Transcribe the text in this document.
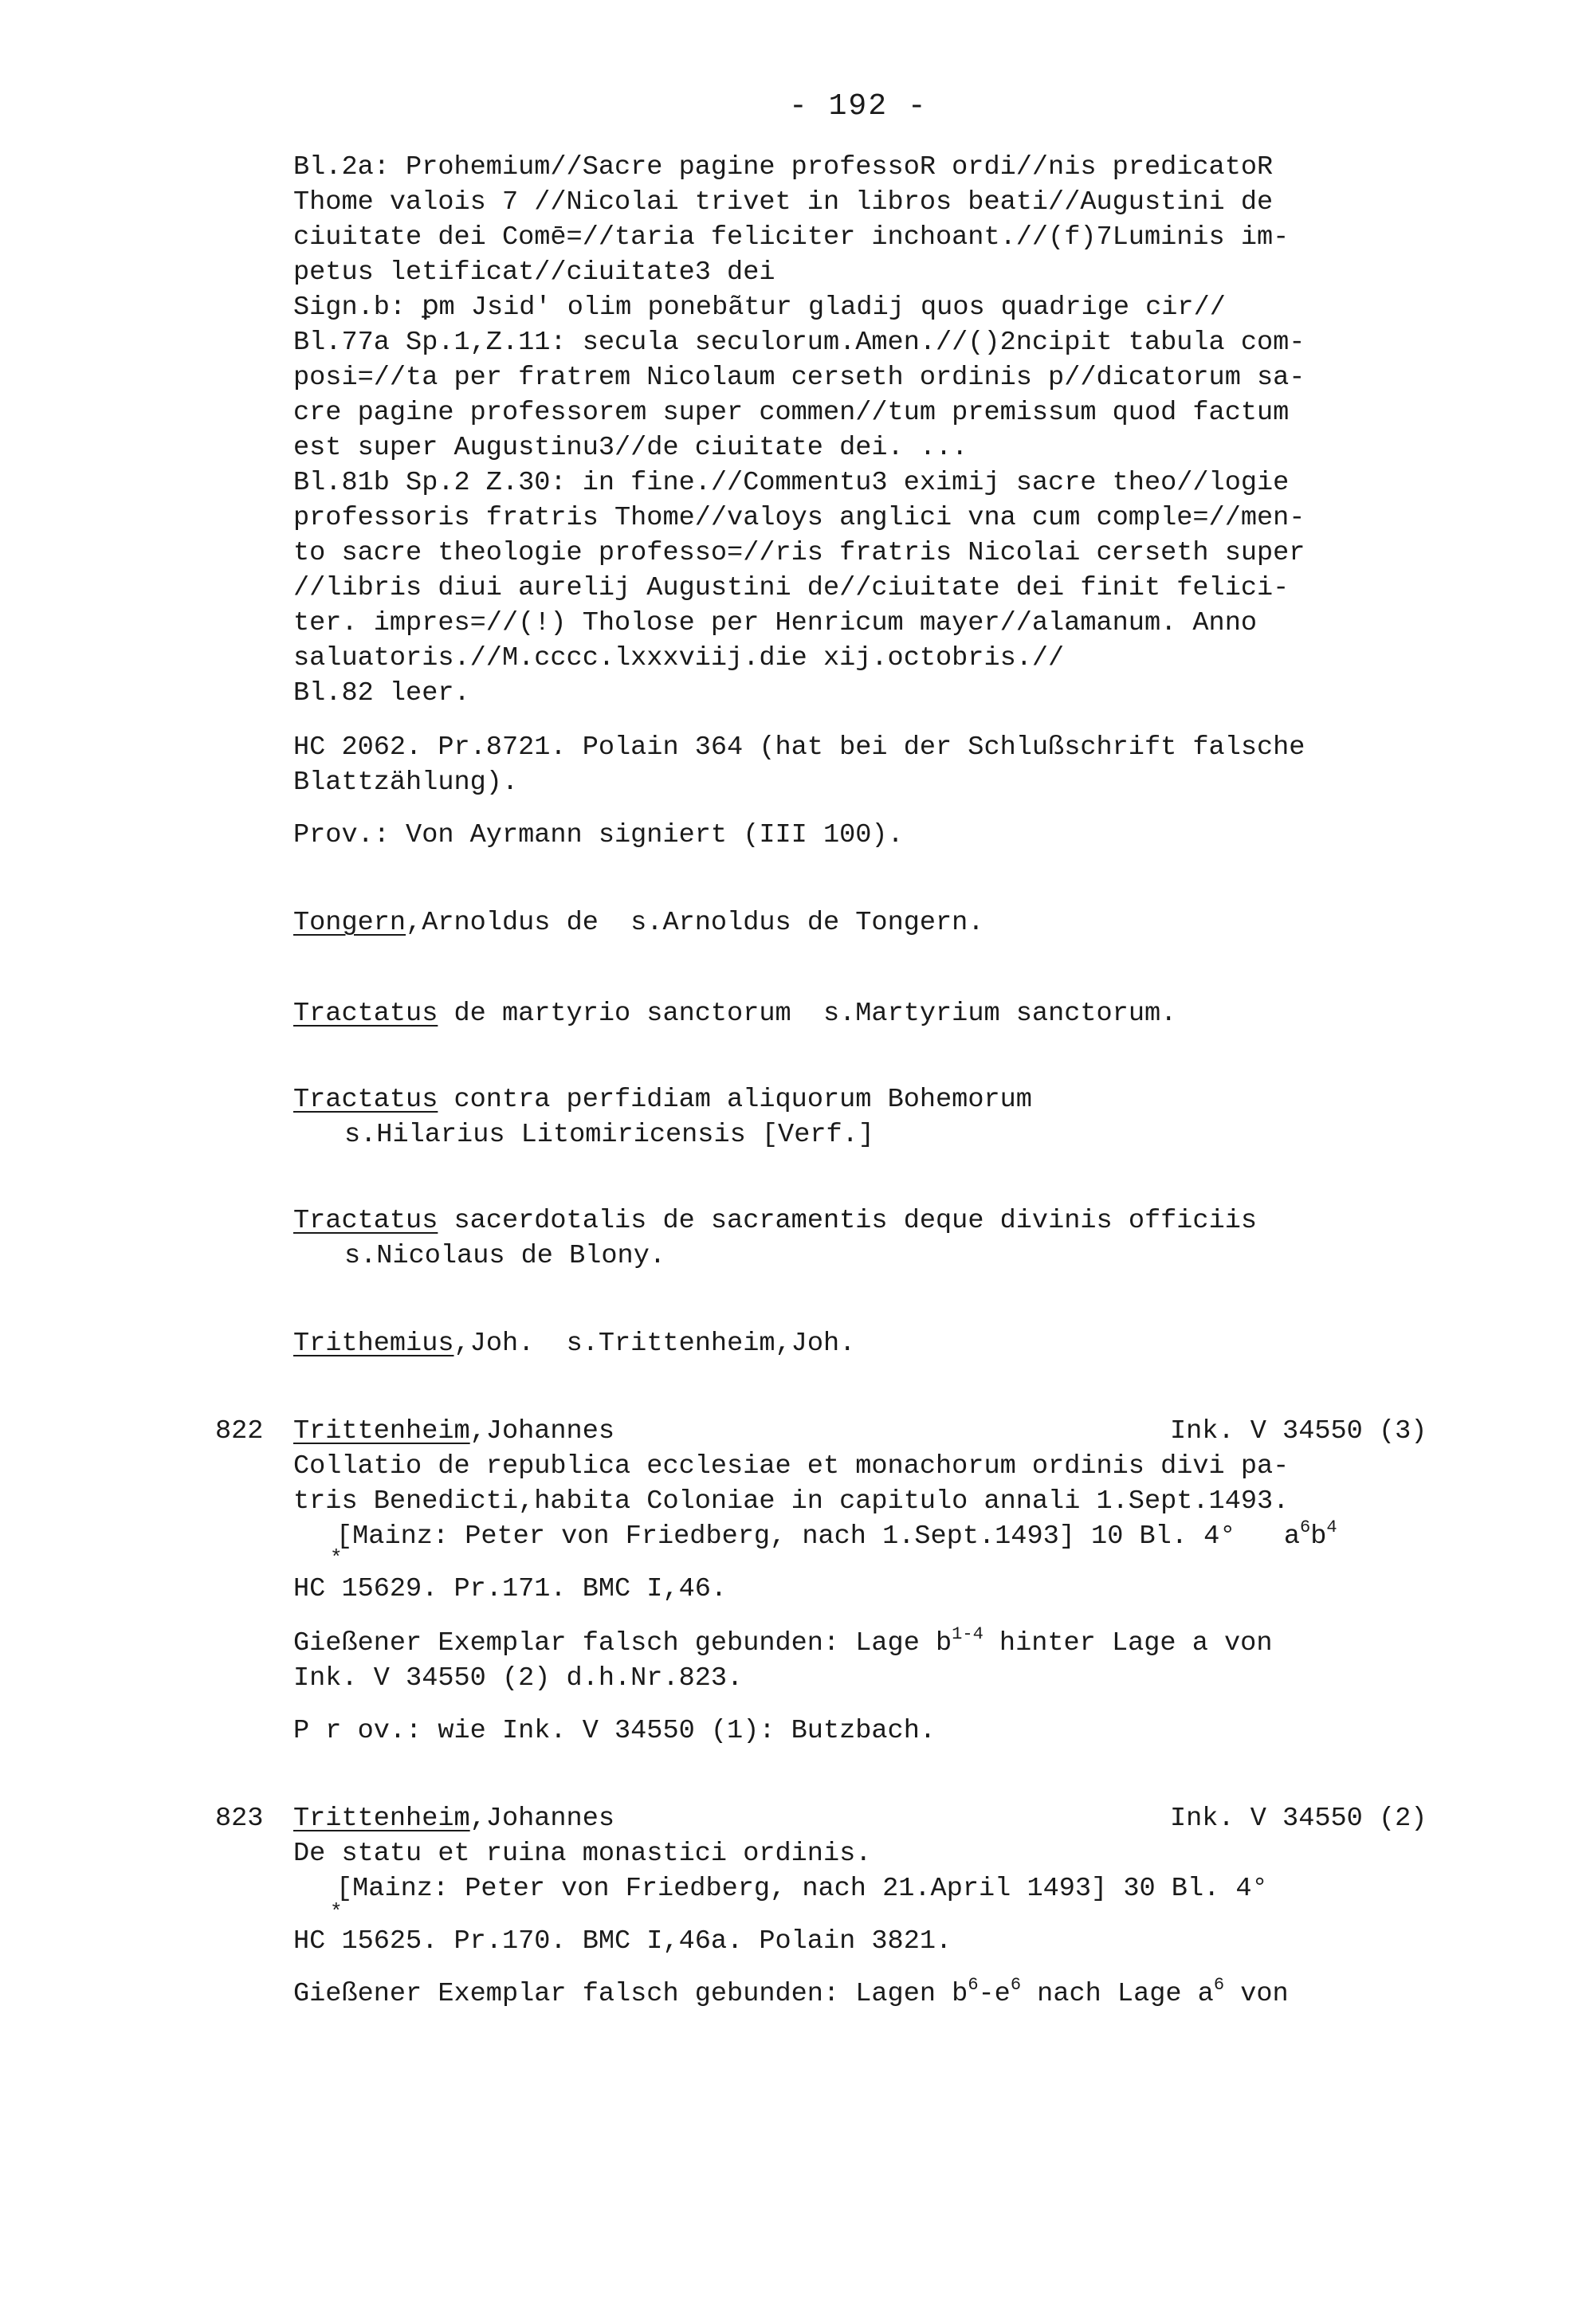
- 192 -
Bl.2a: Prohemium//Sacre pagine professoR ordi//nis predicatoR
Thome valois 7 //Nicolai trivet in libros beati//Augustini de
ciuitate dei Comē=//taria feliciter inchoant.//(f)7Luminis im-
petus letificat//ciuitate3 dei
Sign.b: ꝑm Jsid' olim ponebãtur gladij quos quadrige cir//
Bl.77a Sp.1,Z.11: secula seculorum.Amen.//()2ncipit tabula com-
posi=//ta per fratrem Nicolaum cerseth ordinis p//dicatorum sa-
cre pagine professorem super commen//tum premissum quod factum
est super Augustinu3//de ciuitate dei. ...
Bl.81b Sp.2 Z.30: in fine.//Commentu3 eximij sacre theo//logie
professoris fratris Thome//valoys anglici vna cum comple=//men-
to sacre theologie professo=//ris fratris Nicolai cerseth super
//libris diui aurelij Augustini de//ciuitate dei finit felici-
ter. impres=//(!) Tholose per Henricum mayer//alamanum. Anno
saluatoris.//M.cccc.lxxxviij.die xij.octobris.//
Bl.82 leer.
HC 2062. Pr.8721. Polain 364 (hat bei der Schlußschrift falsche
Blattzählung).
Prov.: Von Ayrmann signiert (III 100).
Tongern,Arnoldus de  s.Arnoldus de Tongern.
Tractatus de martyrio sanctorum  s.Martyrium sanctorum.
Tractatus contra perfidiam aliquorum Bohemorum
s.Hilarius Litomiricensis [Verf.]
Tractatus sacerdotalis de sacramentis deque divinis officiis
s.Nicolaus de Blony.
Trithemius,Joh.  s.Trittenheim,Joh.
822 Trittenheim,Johannes	Ink. V 34550 (3)
Collatio de republica ecclesiae et monachorum ordinis divi pa-
tris Benedicti,habita Coloniae in capitulo annali 1.Sept.1493.
[Mainz: Peter von Friedberg, nach 1.Sept.1493] 10 Bl. 4° $a^6b^4$
*
HC 15629. Pr.171. BMC I,46.
Gießener Exemplar falsch gebunden: Lage $b^{1-4}$ hinter Lage a von
Ink. V 34550 (2) d.h.Nr.823.
P r ov.: wie Ink. V 34550 (1): Butzbach.
823 Trittenheim,Johannes	Ink. V 34550 (2)
De statu et ruina monastici ordinis.
[Mainz: Peter von Friedberg, nach 21.April 1493] 30 Bl. 4°
*
HC 15625. Pr.170. BMC I,46a. Polain 3821.
Gießener Exemplar falsch gebunden: Lagen $b^6-e^6$ nach Lage $a^6$ von
